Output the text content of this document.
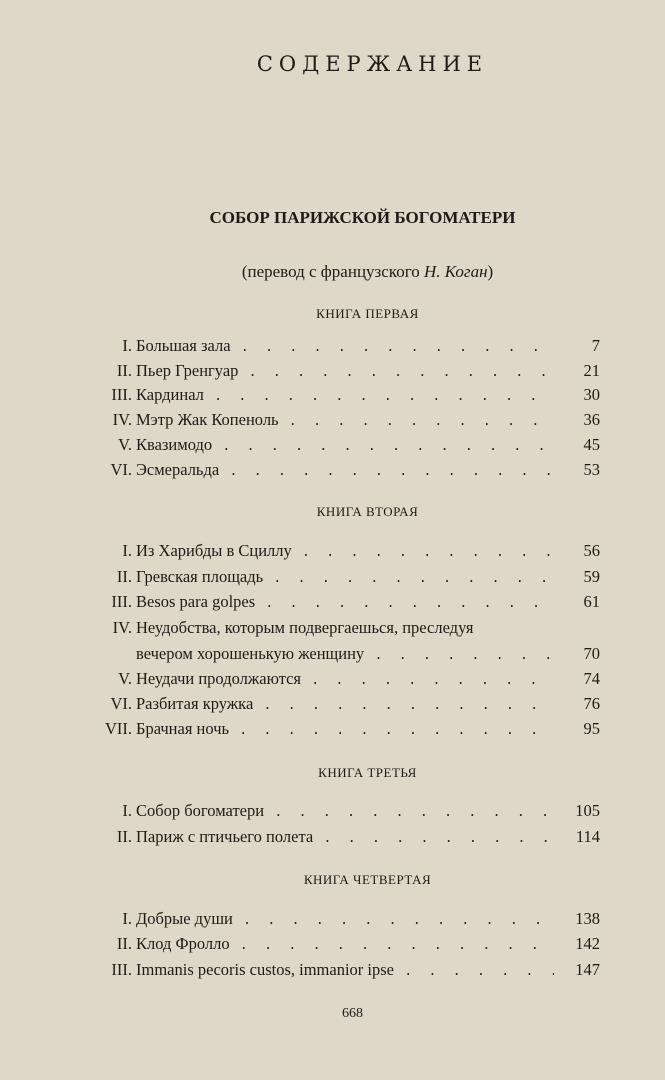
СОДЕРЖАНИЕ
СОБОР ПАРИЖСКОЙ БОГОМАТЕРИ
(перевод с французского Н. Коган)
КНИГА ПЕРВАЯ
I. Большая зала . . .	7
II. Пьер Гренгуар . . .	21
III. Кардинал . . .	30
IV. Мэтр Жак Копеноль . . .	36
V. Квазимодо . . .	45
VI. Эсмеральда . . .	53
КНИГА ВТОРАЯ
I. Из Харибды в Сциллу . . .	56
II. Гревская площадь . . .	59
III. Besos para golpes . . .	61
IV. Неудобства, которым подвергаешься, преследуя
вечером хорошенькую женщину . . .	70
V. Неудачи продолжаются . . .	74
VI. Разбитая кружка . . .	76
VII. Брачная ночь . . .	95
КНИГА ТРЕТЬЯ
I. Собор богоматери . . .	105
II. Париж с птичьего полета . . .	114
КНИГА ЧЕТВЕРТАЯ
I. Добрые души . . .	138
II. Клод Фролло . . .	142
III. Immanis pecoris custos, immanior ipse . . .	147
668
